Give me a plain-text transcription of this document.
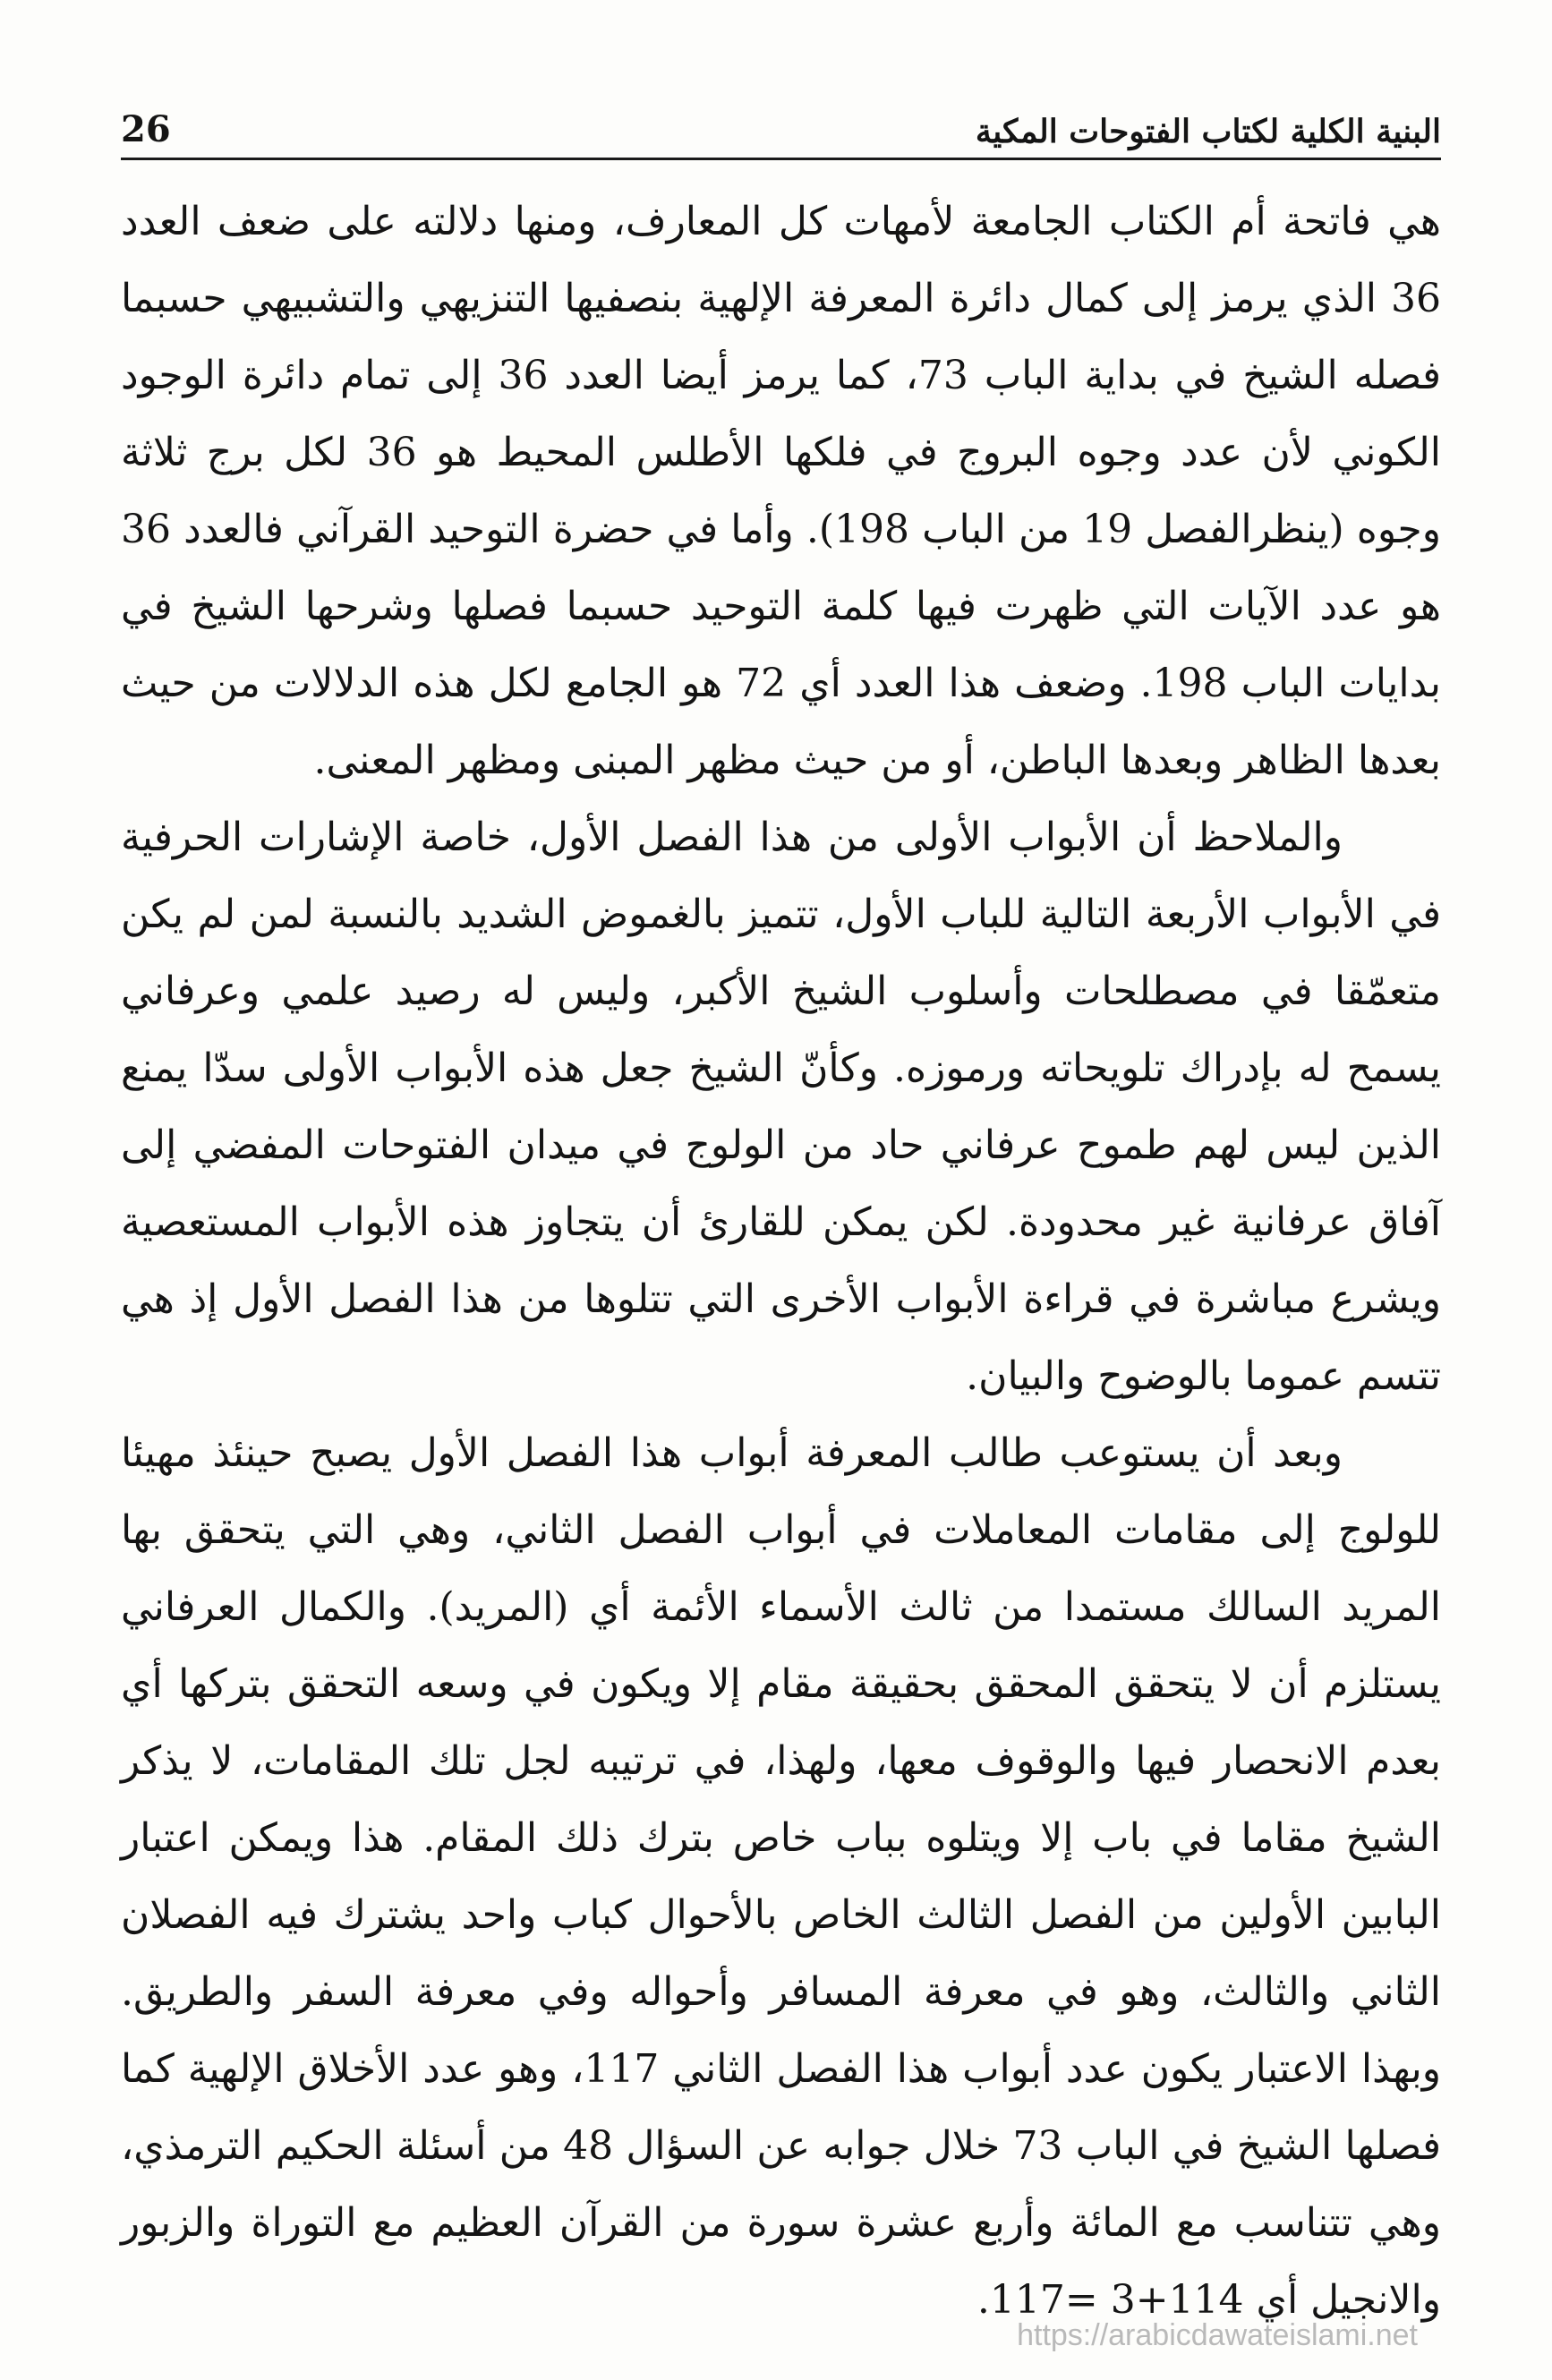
26	البنية الكلية لكتاب الفتوحات المكية

هي فاتحة أم الكتاب الجامعة لأمهات كل المعارف، ومنها دلالته على ضعف العدد 36 الذي يرمز إلى كمال دائرة المعرفة الإلهية بنصفيها التنزيهي والتشبيهي حسبما فصله الشيخ في بداية الباب 73، كما يرمز أيضا العدد 36 إلى تمام دائرة الوجود الكوني لأن عدد وجوه البروج في فلكها الأطلس المحيط هو 36 لكل برج ثلاثة وجوه (ينظرالفصل 19 من الباب 198). وأما في حضرة التوحيد القرآني فالعدد 36 هو عدد الآيات التي ظهرت فيها كلمة التوحيد حسبما فصلها وشرحها الشيخ في بدايات الباب 198. وضعف هذا العدد أي 72 هو الجامع لكل هذه الدلالات من حيث بعدها الظاهر وبعدها الباطن، أو من حيث مظهر المبنى ومظهر المعنى.

والملاحظ أن الأبواب الأولى من هذا الفصل الأول، خاصة الإشارات الحرفية في الأبواب الأربعة التالية للباب الأول، تتميز بالغموض الشديد بالنسبة لمن لم يكن متعمّقا في مصطلحات وأسلوب الشيخ الأكبر، وليس له رصيد علمي وعرفاني يسمح له بإدراك تلويحاته ورموزه. وكأنّ الشيخ جعل هذه الأبواب الأولى سدّا يمنع الذين ليس لهم طموح عرفاني حاد من الولوج في ميدان الفتوحات المفضي إلى آفاق عرفانية غير محدودة. لكن يمكن للقارئ أن يتجاوز هذه الأبواب المستعصية ويشرع مباشرة في قراءة الأبواب الأخرى التي تتلوها من هذا الفصل الأول إذ هي تتسم عموما بالوضوح والبيان.

وبعد أن يستوعب طالب المعرفة أبواب هذا الفصل الأول يصبح حينئذ مهيئا للولوج إلى مقامات المعاملات في أبواب الفصل الثاني، وهي التي يتحقق بها المريد السالك مستمدا من ثالث الأسماء الأئمة أي (المريد). والكمال العرفاني يستلزم أن لا يتحقق المحقق بحقيقة مقام إلا ويكون في وسعه التحقق بتركها أي بعدم الانحصار فيها والوقوف معها، ولهذا، في ترتيبه لجل تلك المقامات، لا يذكر الشيخ مقاما في باب إلا ويتلوه بباب خاص بترك ذلك المقام. هذا ويمكن اعتبار البابين الأولين من الفصل الثالث الخاص بالأحوال كباب واحد يشترك فيه الفصلان الثاني والثالث، وهو في معرفة المسافر وأحواله وفي معرفة السفر والطريق. وبهذا الاعتبار يكون عدد أبواب هذا الفصل الثاني 117، وهو عدد الأخلاق الإلهية كما فصلها الشيخ في الباب 73 خلال جوابه عن السؤال 48 من أسئلة الحكيم الترمذي، وهي تتناسب مع المائة وأربع عشرة سورة من القرآن العظيم مع التوراة والزبور والانجيل أي 114+3 =117.

https://arabicdawateislami.net
